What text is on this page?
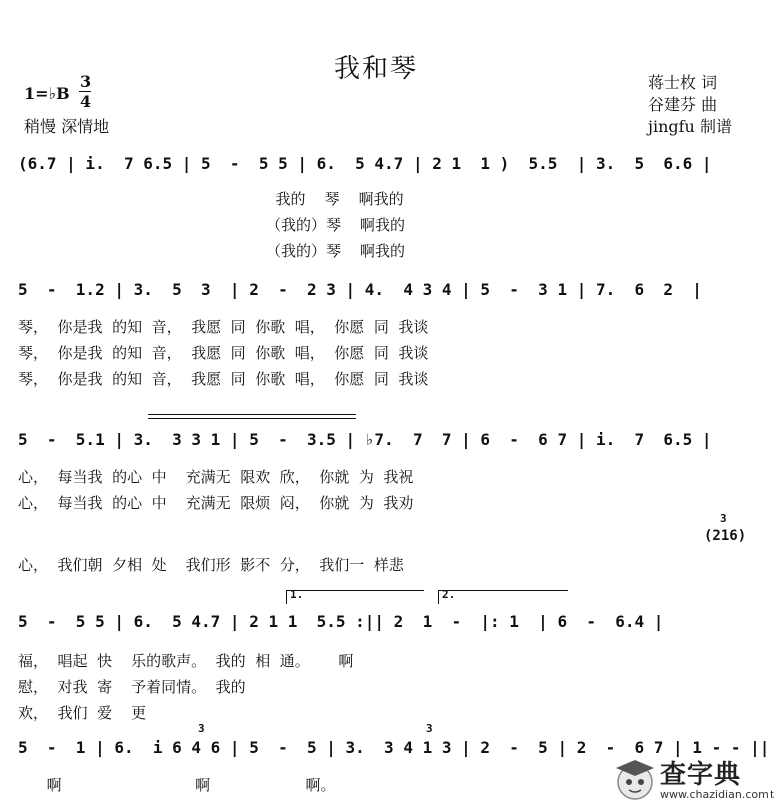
我和琴
1=♭B
3
4
稍慢 深情地
蒋士枚 词
谷建芬 曲
jingfu 制谱
(6.7 | i.  7 6.5 | 5  -  5 5 | 6.  5 4.7 | 2 1  1 )  5.5  | 3.  5  6.6 |
我的    琴    啊我的
（我的）琴    啊我的
（我的）琴    啊我的
5  -  1.2 | 3.  5  3  | 2  -  2 3 | 4.  4 3 4 | 5  -  3 1 | 7.  6  2  |
琴，  你是我  的知  音，  我愿  同  你歌  唱，  你愿  同  我谈
琴，  你是我  的知  音，  我愿  同  你歌  唱，  你愿  同  我谈
琴，  你是我  的知  音，  我愿  同  你歌  唱，  你愿  同  我谈
5  -  5.1 | 3.  3 3 1 | 5  -  3.5 | ♭7.  7  7 | 6  -  6 7 | i.  7  6.5 |
心，  每当我  的心  中    充满无  限欢  欣，  你就  为  我祝
心，  每当我  的心  中    充满无  限烦  闷，  你就  为  我劝
3
(216)
心，  我们朝  夕相  处    我们形  影不  分，  我们一  样悲
1.	2.
5  -  5 5 | 6.  5 4.7 | 2 1 1  5.5 :|| 2  1  -  |: 1  | 6  -  6.4 |
福，  唱起  快    乐的歌声。  我的  相  通。      啊
慰，  对我  寄    予着同情。  我的
欢，  我们  爱    更
3	3
5  -  1 | 6.  i 6 4 6 | 5  -  5 | 3.  3 4 1 3 | 2  -  5 | 2  -  6 7 | 1 - - ||
啊                            啊                    啊。	查字典
www.chazidian.com t
